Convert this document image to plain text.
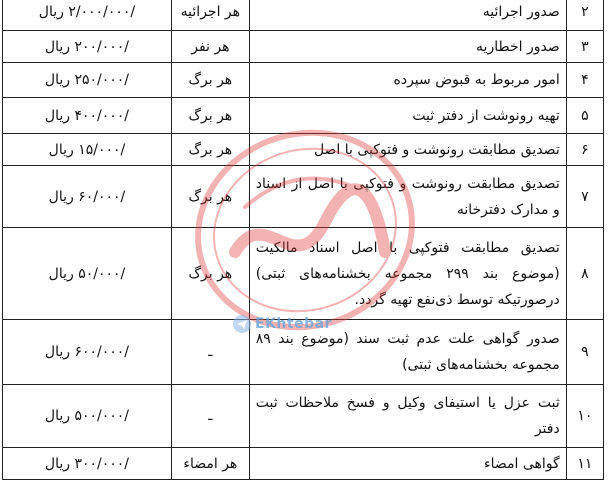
۲	صدور اجرائیه	هر اجرائیه	/۲/۰۰۰/۰۰۰ ریال
۳	صدور اخطاریه	هر نفر	/۲۰۰/۰۰۰ ریال
۴	امور مربوط به قبوض سپرده	هر برگ	/۲۵۰/۰۰۰ ریال
۵	تهیه رونوشت از دفتر ثبت	هر برگ	/۴۰۰/۰۰۰ ریال
۶	تصدیق مطابقت رونوشت و فتوکپی با اصل	هر برگ	/۱۵/۰۰۰ ریال
۷	تصدیق مطابقت رونوشت و فتوکپی با اصل از اسناد و مدارک دفترخانه	هر برگ	/۶۰/۰۰۰ ریال
۸	تصدیق مطابقت فتوکپی با اصل اسناد مالکیت (موضوع بند ۲۹۹ مجموعه بخشنامه‌های ثبتی) درصورتیکه توسط ذی‌نفع تهیه گردد.	هر برگ	/۵۰/۰۰۰ ریال
۹	صدور گواهی علت عدم ثبت سند (موضوع بند ۸۹ مجموعه بخشنامه‌های ثبتی)	ـ	/۶۰۰/۰۰۰ ریال
۱۰	ثبت عزل یا استیفای وکیل و فسخ ملاحظات ثبت دفتر	ـ	/۵۰۰/۰۰۰ ریال
۱۱	گواهی امضاء	هر امضاء	/۳۰۰/۰۰۰ ریال
EKhtebar
